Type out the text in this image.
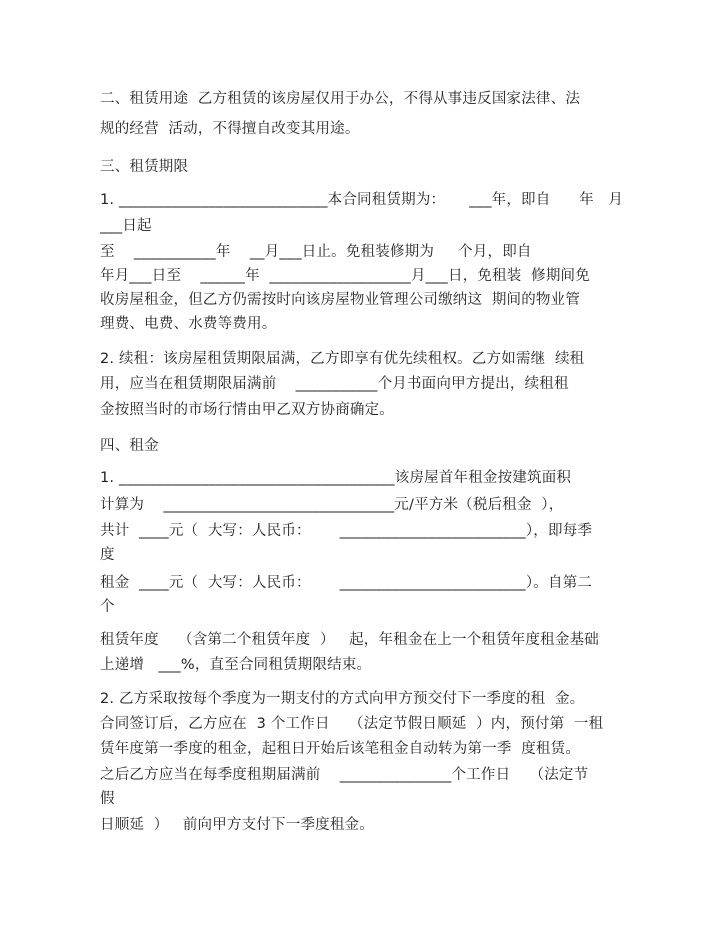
二、租赁用途  乙方租赁的该房屋仅用于办公，不得从事违反国家法律、法
规的经营  活动，不得擅自改变其用途。
三、租赁期限
1. ____________________________本合同租赁期为：     ___年，即自      年   月
___日起
至    ___________年    __月___日止。免租装修期为     个月，即自
年月___日至    ______年  ___________________月___日，免租装  修期间免
收房屋租金，但乙方仍需按时向该房屋物业管理公司缴纳这  期间的物业管
理费、电费、水费等费用。
2. 续租：该房屋租赁期限届满，乙方即享有优先续租权。乙方如需继  续租
用，应当在租赁期限届满前    ___________个月书面向甲方提出，续租租
金按照当时的市场行情由甲乙双方协商确定。
四、租金
1. _____________________________________该房屋首年租金按建筑面积
计算为    _______________________________元/平方米（税后租金  ），
共计  ____元（  大写：人民币：      _________________________），即每季
度
租金  ____元（  大写：人民币：      _________________________）。自第二
个
租赁年度    （含第二个租赁年度  ）   起，年租金在上一个租赁年度租金基础
上递增   ___%，直至合同租赁期限结束。
2. 乙方采取按每个季度为一期支付的方式向甲方预交付下一季度的租  金。
合同签订后，乙方应在  3 个工作日    （法定节假日顺延  ）内，预付第  一租
赁年度第一季度的租金，起租日开始后该笔租金自动转为第一季  度租赁。
之后乙方应当在每季度租期届满前    _______________个工作日    （法定节
假
日顺延  ）   前向甲方支付下一季度租金。
